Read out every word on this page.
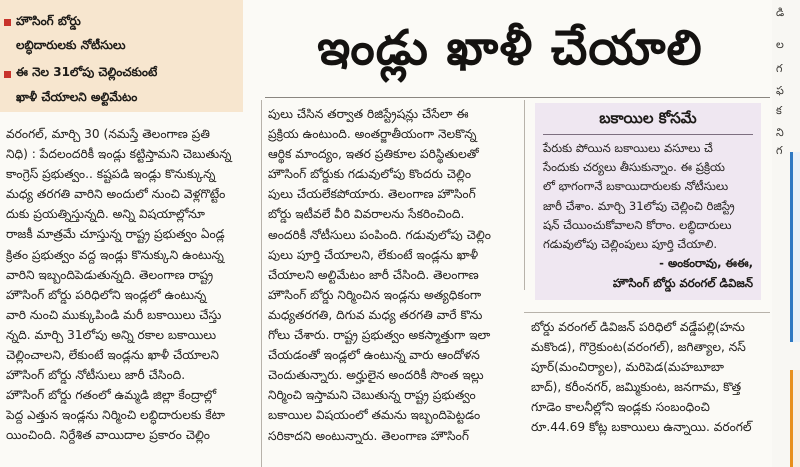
హౌసింగ్ బోర్డు
లబ్ధిదారులకు నోటీసులు
ఈ నెల 31లోపు చెల్లించకుంటే
ఖాళీ చేయాలని అల్టిమేటం
ఇండ్లు ఖాళీ చేయాలి
వరంగల్, మార్చి 30 (నమస్తే తెలంగాణ ప్రతి
నిధి) : పేదలందరికీ ఇండ్లు కట్టిస్తామని చెబుతున్న
కాంగ్రెస్ ప్రభుత్వం.. కష్టపడి ఇండ్లు కొనుక్కున్న
మధ్య తరగతి వారిని అందులో నుంచి వెళ్లగొట్టేం
దుకు ప్రయత్నిస్తున్నది. అన్ని విషయాల్లోనూ
రాజకీ మాత్రమే చూస్తున్న రాష్ట్ర ప్రభుత్వం ఏండ్ల
క్రితం ప్రభుత్వం వద్ద ఇండ్లు కొనుక్కుని ఉంటున్న
వారిని ఇబ్బందిపెడుతున్నది. తెలంగాణ రాష్ట్ర
హౌసింగ్ బోర్డు పరిధిలోని ఇండ్లలో ఉంటున్న
వారి నుంచి ముక్కుపిండి మరీ బకాయిలు చేస్తు
న్నది. మార్చి 31లోపు అన్ని రకాల బకాయిలు
చెల్లించాలని, లేకుంటే ఇండ్లను ఖాళీ చేయాలని
హౌసింగ్ బోర్డు నోటీసులు జారీ చేసింది.
హౌసింగ్ బోర్డు గతంలో ఉమ్మడి జిల్లా కేంద్రాల్లో
పెద్ద ఎత్తున ఇండ్లను నిర్మించి లబ్ధిదారులకు కేటా
యించింది. నిర్దేశిత వాయిదాల ప్రకారం చెల్లిం
పులు చేసిన తర్వాత రిజిస్ట్రేషన్లు చేసేలా ఈ
ప్రక్రియ ఉంటుంది. అంతర్జాతీయంగా నెలకొన్న
ఆర్థిక మాంద్యం, ఇతర ప్రతికూల పరిస్థితులతో
హౌసింగ్ బోర్డుకు గడువులోపు కొందరు చెల్లిం
పులు చేయలేకపోయారు. తెలంగాణ హౌసింగ్
బోర్డు ఇటీవలే వీరి వివరాలను సేకరించింది.
అందరికీ నోటీసులు పంపింది. గడువులోపు చెల్లిం
పులు పూర్తి చేయాలని, లేకుంటే ఇండ్లను ఖాళీ
చేయాలని అల్టిమేటం జారీ చేసింది. తెలంగాణ
హౌసింగ్ బోర్డు నిర్మించిన ఇండ్లను అత్యధికంగా
మధ్యతరగతి, దిగువ మధ్య తరగతి వారే కొను
గోలు చేశారు. రాష్ట్ర ప్రభుత్వం అకస్మాత్తుగా ఇలా
చేయడంతో ఇండ్లలో ఉంటున్న వారు ఆందోళన
చెందుతున్నారు. అర్హులైన అందరికీ సొంత ఇల్లు
నిర్మించి ఇస్తామని చెబుతున్న రాష్ట్ర ప్రభుత్వం
బకాయిల విషయంలో తమను ఇబ్బందిపెట్టడం
సరికాదని అంటున్నారు. తెలంగాణ హౌసింగ్
బకాయిల కోసమే
పేరుకు పోయిన బకాయిలు వసూలు చే
సేందుకు చర్యలు తీసుకున్నాం. ఈ ప్రక్రియ
లో భాగంగానే బకాయిదారులకు నోటీసులు
జారీ చేశాం. మార్చి 31లోపు చెల్లించి రిజిస్ట్రే
షన్ చేయించుకోవాలని కోరాం. లబ్ధిదారులు
గడువులోపు చెల్లింపులు పూర్తి చేయాలి.
- అంకంరావు, ఈఈ,
హౌసింగ్ బోర్డు వరంగల్ డివిజన్
బోర్డు వరంగల్ డివిజన్ పరిధిలో వడ్డేపల్లి(హను
మకొండ), గొర్రెకుంట(వరంగల్), జగిత్యాల, నస్
పూర్(మంచిర్యాల), మరిపెడ(మహబూబా
బాద్), కరీంనగర్, జమ్మికుంట, జనగామ, కొత్త
గూడెం కాలనీల్లోని ఇండ్లకు సంబంధించి
రూ.44.69 కోట్ల బకాయిలు ఉన్నాయి. వరంగల్
డి
ల
గ
ఫ
క
ని
గ
